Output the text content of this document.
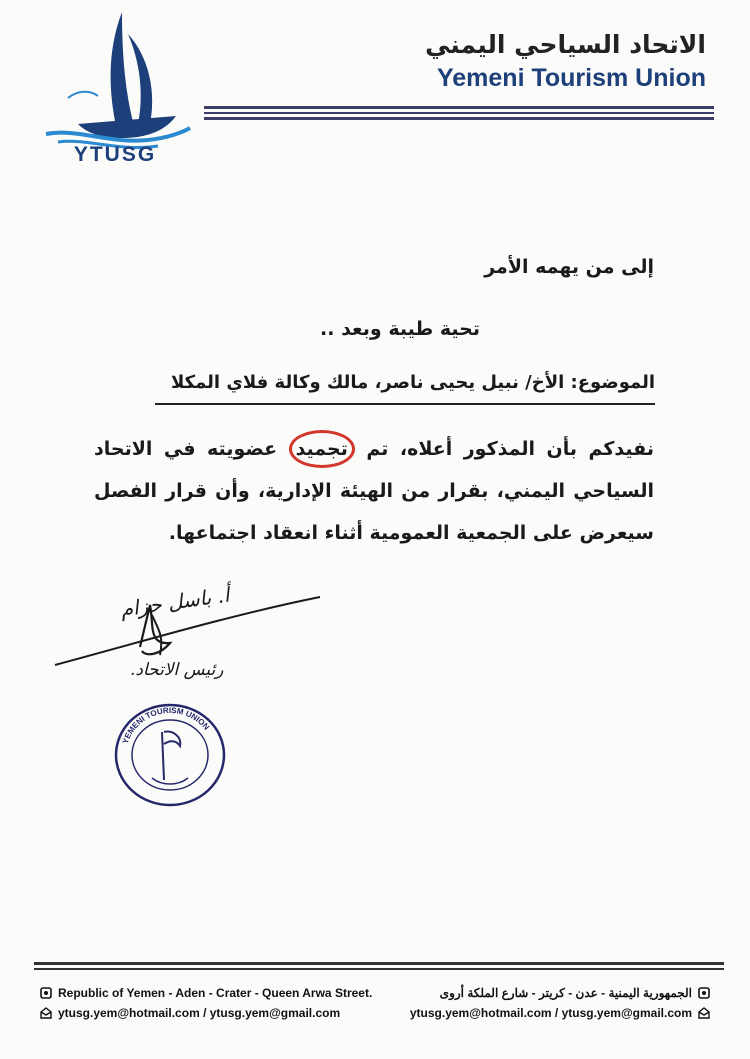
YTUSG
الاتحاد السياحي اليمني
Yemeni Tourism Union
إلى من يهمه الأمر
تحية طيبة وبعد ..
الموضوع: الأخ/ نبيل يحيى ناصر، مالك وكالة فلاي المكلا
نفيدكم بأن المذكور أعلاه، تم تجميد عضويته في الاتحاد السياحي اليمني، بقرار من الهيئة الإدارية، وأن قرار الفصل سيعرض على الجمعية العمومية أثناء انعقاد اجتماعها.
أ. باسل حزام
رئيس الاتحاد.
YEMENI TOURISM UNION
Republic of Yemen - Aden - Crater - Queen Arwa Street.
ytusg.yem@hotmail.com / ytusg.yem@gmail.com
الجمهورية اليمنية - عدن - كريتر - شارع الملكة أروى
ytusg.yem@hotmail.com / ytusg.yem@gmail.com
